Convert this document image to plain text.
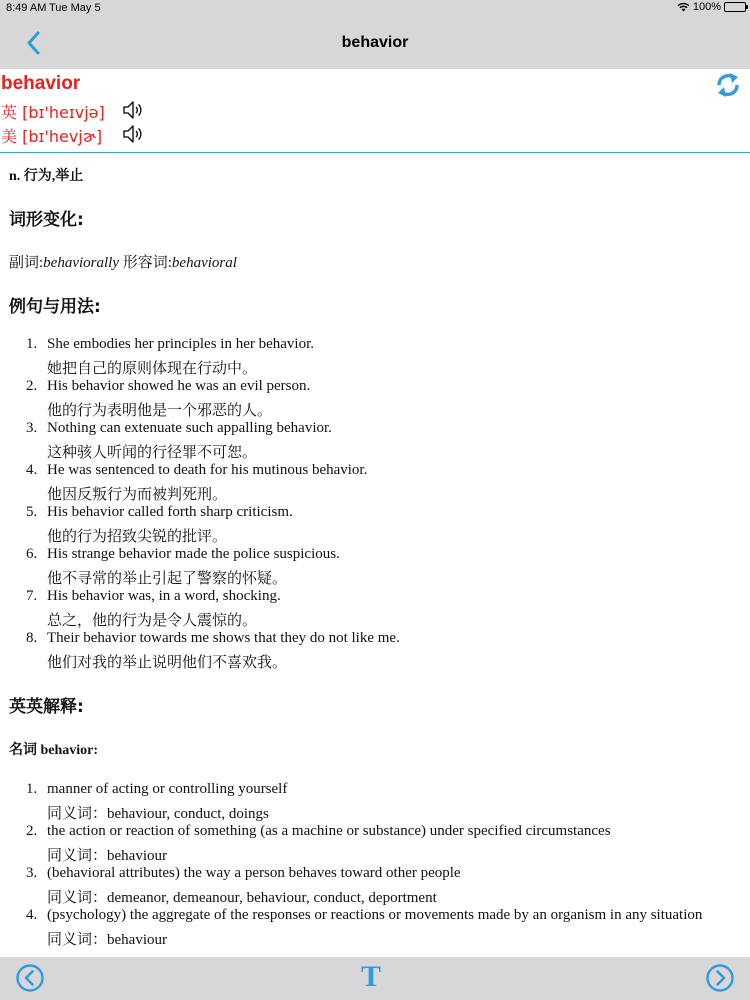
8:49 AM Tue May 5	100%
behavior
behavior
英 [bɪ'heɪvjə]
美 [bɪ'hevjɚ]
n. 行为,举止
词形变化:
副词:behaviorally 形容词:behavioral
例句与用法:
1. She embodies her principles in her behavior.
她把自己的原则体现在行动中。
2. His behavior showed he was an evil person.
他的行为表明他是一个邪恶的人。
3. Nothing can extenuate such appalling behavior.
这种骇人听闻的行径罪不可恕。
4. He was sentenced to death for his mutinous behavior.
他因反叛行为而被判死刑。
5. His behavior called forth sharp criticism.
他的行为招致尖锐的批评。
6. His strange behavior made the police suspicious.
他不寻常的举止引起了警察的怀疑。
7. His behavior was, in a word, shocking.
总之，他的行为是令人震惊的。
8. Their behavior towards me shows that they do not like me.
他们对我的举止说明他们不喜欢我。
英英解释:
名词 behavior:
1. manner of acting or controlling yourself
同义词：behaviour, conduct, doings
2. the action or reaction of something (as a machine or substance) under specified circumstances
同义词：behaviour
3. (behavioral attributes) the way a person behaves toward other people
同义词：demeanor, demeanour, behaviour, conduct, deportment
4. (psychology) the aggregate of the responses or reactions or movements made by an organism in any situation
同义词：behaviour
T
